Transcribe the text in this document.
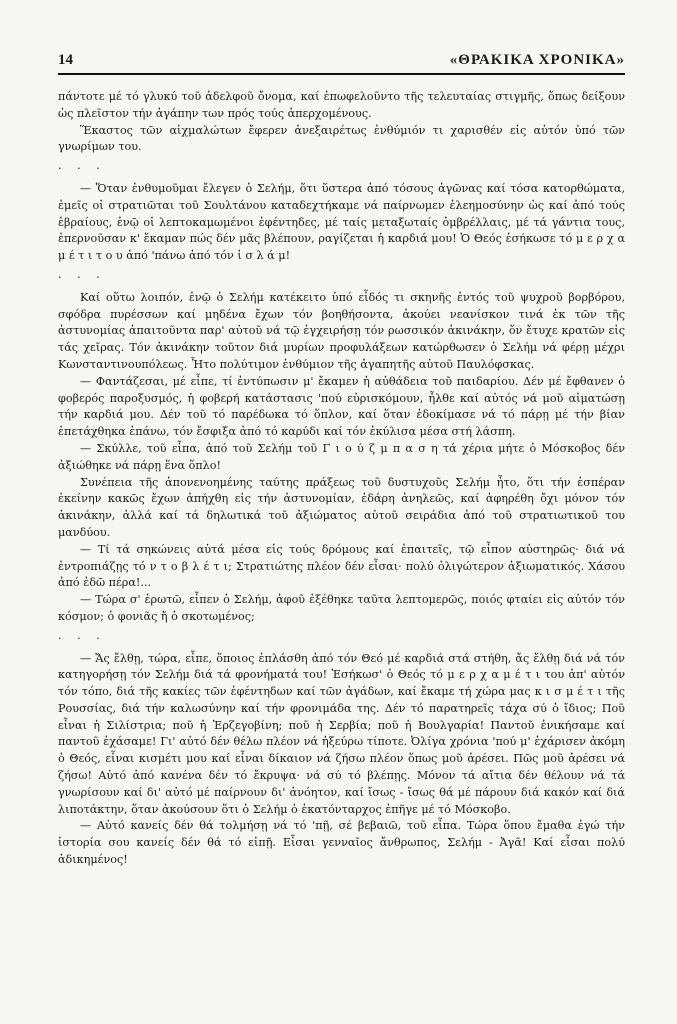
14	«ΘΡΑΚΙΚΑ ΧΡΟΝΙΚΑ»

πάντοτε μέ τό γλυκύ τοῦ ἀδελφοῦ ὄνομα, καί ἐπωφελοῦντο τῆς τελευταίας στιγμῆς, ὅπως δείξουν ὡς πλεῖστον τήν ἀγάπην των πρός τούς ἀπερχομένους.

Ἕκαστος τῶν αἰχμαλώτων ἔφερεν ἀνεξαιρέτως ἐνθύμιόν τι χαρισθέν εἰς αὐτόν ὑπό τῶν γνωρίμων του.

. . .

— Ὅταν ἐνθυμοῦμαι ἔλεγεν ὁ Σελήμ, ὅτι ὕστερα ἀπό τόσους ἀγῶνας καί τόσα κατορθώματα, ἐμεῖς οἱ στρατιῶται τοῦ Σουλτάνου καταδεχτήκαμε νά παίρνωμεν ἐλεημοσύνην ὡς καί ἀπό τούς ἑβραίους, ἐνῷ οἱ λεπτοκαμωμένοι ἐφέντηδες, μέ ταίς μεταξωταίς ὀμβρέλλαις, μέ τά γάντια τους, ἐπερνοῦσαν κ' ἔκαμαν πώς δέν μᾶς βλέπουν, ραγίζεται ἡ καρδιά μου! Ὁ Θεός ἐσήκωσε τό μ ε ρ χ α μ έ τ ι τ ο υ ἀπό 'πάνω ἀπό τόν ἰ σ λ ά μ!

. . .

Καί οὕτω λοιπόν, ἐνῷ ὁ Σελήμ κατέκειτο ὑπό εἶδός τι σκηνῆς ἐντός τοῦ ψυχροῦ βορβόρου, σφόδρα πυρέσσων καί μηδένα ἔχων τόν βοηθήσοντα, ἀκούει νεανίσκον τινά ἐκ τῶν τῆς ἀστυνομίας ἀπαιτοῦντα παρ' αὐτοῦ νά τῷ ἐγχειρήσῃ τόν ρωσσικόν ἀκινάκην, ὅν ἔτυχε κρατῶν εἰς τάς χεῖρας. Τόν ἀκινάκην τοῦτον διά μυρίων προφυλάξεων κατώρθωσεν ὁ Σελήμ νά φέρῃ μέχρι Κωνσταντινουπόλεως. Ἦτο πολύτιμον ἐνθύμιον τῆς ἀγαπητῆς αὐτοῦ Παυλόφσκας.

— Φαντάζεσαι, μέ εἶπε, τί ἐντύπωσιν μ' ἔκαμεν ἡ αὐθάδεια τοῦ παιδαρίου. Δέν μέ ἔφθανεν ὁ φοβερός παροξυσμός, ἡ φοβερή κατάστασις 'πού εὑρισκόμουν, ἦλθε καί αὐτός νά μοῦ αἱματώσῃ τήν καρδιά μου. Δέν τοῦ τό παρέδωκα τό ὅπλον, καί ὅταν ἐδοκίμασε νά τό πάρῃ μέ τήν βίαν ἐπετάχθηκα ἐπάνω, τόν ἔσφιξα ἀπό τό καρύδι καί τόν ἐκύλισα μέσα στή λάσπη.

— Σκύλλε, τοῦ εἶπα, ἀπό τοῦ Σελήμ τοῦ Γ ι ο ύ ζ μ π α σ η τά χέρια μήτε ὁ Μόσκοβος δέν ἀξιώθηκε νά πάρῃ ἕνα ὅπλο!

Συνέπεια τῆς ἀπονενοημένης ταύτης πράξεως τοῦ δυστυχοῦς Σελήμ ἦτο, ὅτι τήν ἑσπέραν ἐκείνην κακῶς ἔχων ἀπήχθη εἰς τήν ἀστυνομίαν, ἐδάρη ἀνηλεῶς, καί ἀφηρέθη ὄχι μόνον τόν ἀκινάκην, ἀλλά καί τά δηλωτικά τοῦ ἀξιώματος αὐτοῦ σειράδια ἀπό τοῦ στρατιωτικοῦ του μανδύου.

— Τί τά σηκώνεις αὐτά μέσα εἰς τούς δρόμους καί ἐπαιτεῖς, τῷ εἶπον αὐστηρῶς· διά νά ἐντροπιάζῃς τό ν τ ο β λ έ τ ι; Στρατιώτης πλέον δέν εἶσαι· πολύ ὀλιγώτερον ἀξιωματικός. Χάσου ἀπό ἐδῶ πέρα!...

— Τώρα σ' ἐρωτῶ, εἶπεν ὁ Σελήμ, ἀφοῦ ἐξέθηκε ταῦτα λεπτομερῶς, ποιός φταίει εἰς αὐτόν τόν κόσμον; ὁ φονιᾶς ἤ ὁ σκοτωμένος;

. . .

— Ἄς ἔλθῃ, τώρα, εἶπε, ὅποιος ἐπλάσθη ἀπό τόν Θεό μέ καρδιά στά στήθη, ἄς ἔλθῃ διά νά τόν κατηγορήσῃ τόν Σελήμ διά τά φρονήματά του! Ἐσήκωσ' ὁ Θεός τό μ ε ρ χ α μ έ τ ι του ἀπ' αὐτόν τόν τόπο, διά τῆς κακίες τῶν ἐφέντηδων καί τῶν ἀγάδων, καί ἔκαμε τή χώρα μας κ ι σ μ έ τ ι τῆς Ρουσσίας, διά τήν καλωσύνην καί τήν φρονιμάδα της. Δέν τό παρατηρεῖς τάχα σύ ὁ ἴδιος; Ποῦ εἶναι ἡ Σιλίστρια; ποῦ ἡ Ἐρζεγοβίνη; ποῦ ἡ Σερβία; ποῦ ἡ Βουλγαρία! Παντοῦ ἐνικήσαμε καί παντοῦ ἐχάσαμε! Γι' αὐτό δέν θέλω πλέον νά ἠξεύρω τίποτε. Ὀλίγα χρόνια 'πού μ' ἐχάρισεν ἀκόμη ὁ Θεός, εἶναι κισμέτι μου καί εἶναι δίκαιον νά ζήσω πλέον ὅπως μοῦ ἀρέσει. Πῶς μοῦ ἀρέσει νά ζήσω! Αὐτό ἀπό κανένα δέν τό ἔκρυψα· νά σύ τό βλέπῃς. Μόνον τά αἴτια δέν θέλουν νά τά γνωρίσουν καί δι' αὐτό μέ παίρνουν δι' ἀνόητον, καί ἴσως - ἴσως θά μέ πάρουν διά κακόν καί διά λιποτάκτην, ὅταν ἀκούσουν ὅτι ὁ Σελήμ ὁ ἑκατόνταρχος ἐπῆγε μέ τό Μόσκοβο.

— Αὐτό κανείς δέν θά τολμήσῃ νά τό 'πῇ, σέ βεβαιῶ, τοῦ εἶπα. Τώρα ὅπου ἔμαθα ἐγώ τήν ἱστορία σου κανείς δέν θά τό εἰπῇ. Εἶσαι γενναῖος ἄνθρωπος, Σελήμ - Ἀγᾶ! Καί εἶσαι πολύ ἀδικημένος!
